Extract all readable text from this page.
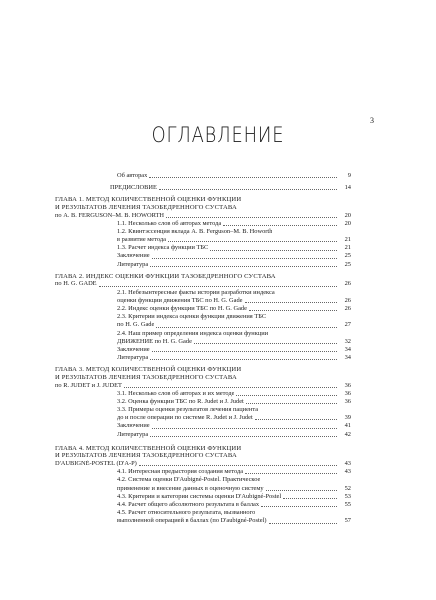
3
ОГЛАВЛЕНИЕ
Об авторах	9
ПРЕДИСЛОВИЕ	14
ГЛАВА 1. МЕТОД КОЛИЧЕСТВЕННОЙ ОЦЕНКИ ФУНКЦИИ
И РЕЗУЛЬТАТОВ ЛЕЧЕНИЯ ТАЗОБЕДРЕННОГО СУСТАВА
по A. B. FERGUSON–M. B. HOWORTH	20
1.1. Несколько слов об авторах метода	20
1.2. Квинтэссенция вклада A. B. Ferguson–M. B. Howorth
в развитие метода	21
1.3. Расчет индекса функции ТБС	21
Заключение	25
Литература	25
ГЛАВА 2. ИНДЕКС ОЦЕНКИ ФУНКЦИИ ТАЗОБЕДРЕННОГО СУСТАВА
по H. G. GADE	26
2.1. Небезынтересные факты истории разработки индекса
оценки функции движения ТБС по H. G. Gade	26
2.2. Индекс оценки функции ТБС по H. G. Gade	26
2.3. Критерии индекса оценки функции движения ТБС
по H. G. Gade	27
2.4. Наш пример определения индекса оценки функции
ДВИЖЕНИЕ по H. G. Gade	32
Заключение	34
Литература	34
ГЛАВА 3. МЕТОД КОЛИЧЕСТВЕННОЙ ОЦЕНКИ ФУНКЦИИ
И РЕЗУЛЬТАТОВ ЛЕЧЕНИЯ ТАЗОБЕДРЕННОГО СУСТАВА
по R. JUDET и J. JUDET	36
3.1. Несколько слов об авторах и их методе	36
3.2. Оценка функции ТБС по R. Judet и J. Judet	36
3.3. Примеры оценки результатов лечения пациента
до и после операции по системе R. Judet и J. Judet	39
Заключение	41
Литература	42
ГЛАВА 4. МЕТОД КОЛИЧЕСТВЕННОЙ ОЦЕНКИ ФУНКЦИИ
И РЕЗУЛЬТАТОВ ЛЕЧЕНИЯ ТАЗОБЕДРЕННОГО СУСТАВА
D'AUBIGNÉ-POSTEL (D'A-P)	43
4.1. Интересная предыстория создания метода	43
4.2. Система оценки D'Aubigné-Postel. Практическое
применение и внесение данных в оценочную систему	52
4.3. Критерии и категории системы оценки D'Aubigné-Postel	53
4.4. Расчет общего абсолютного результата в баллах	55
4.5. Расчет относительного результата, вызванного
выполненной операцией в баллах (по D'aubigné-Postel)	57
